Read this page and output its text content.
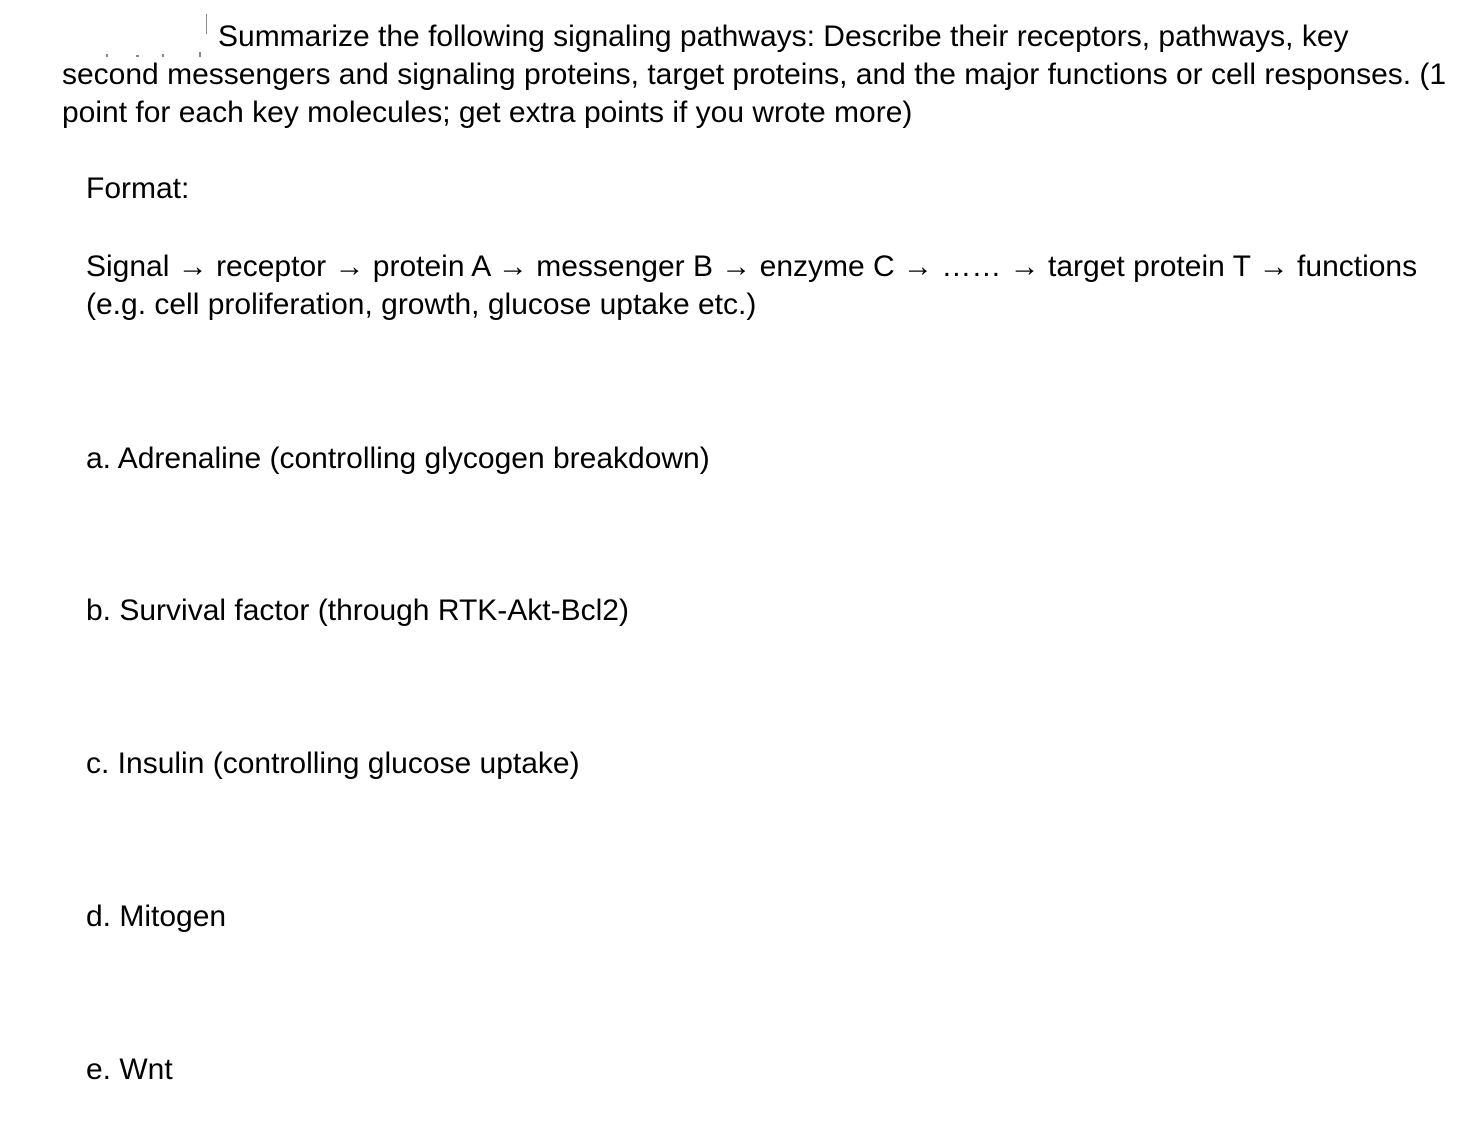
Summarize the following signaling pathways: Describe their receptors, pathways, key second messengers and signaling proteins, target proteins, and the major functions or cell responses. (1 point for each key molecules; get extra points if you wrote more)

Format:

Signal → receptor → protein A → messenger B → enzyme C → …… → target protein T → functions (e.g. cell proliferation, growth, glucose uptake etc.)

a. Adrenaline (controlling glycogen breakdown)

b. Survival factor (through RTK-Akt-Bcl2)

c. Insulin (controlling glucose uptake)

d. Mitogen

e. Wnt
